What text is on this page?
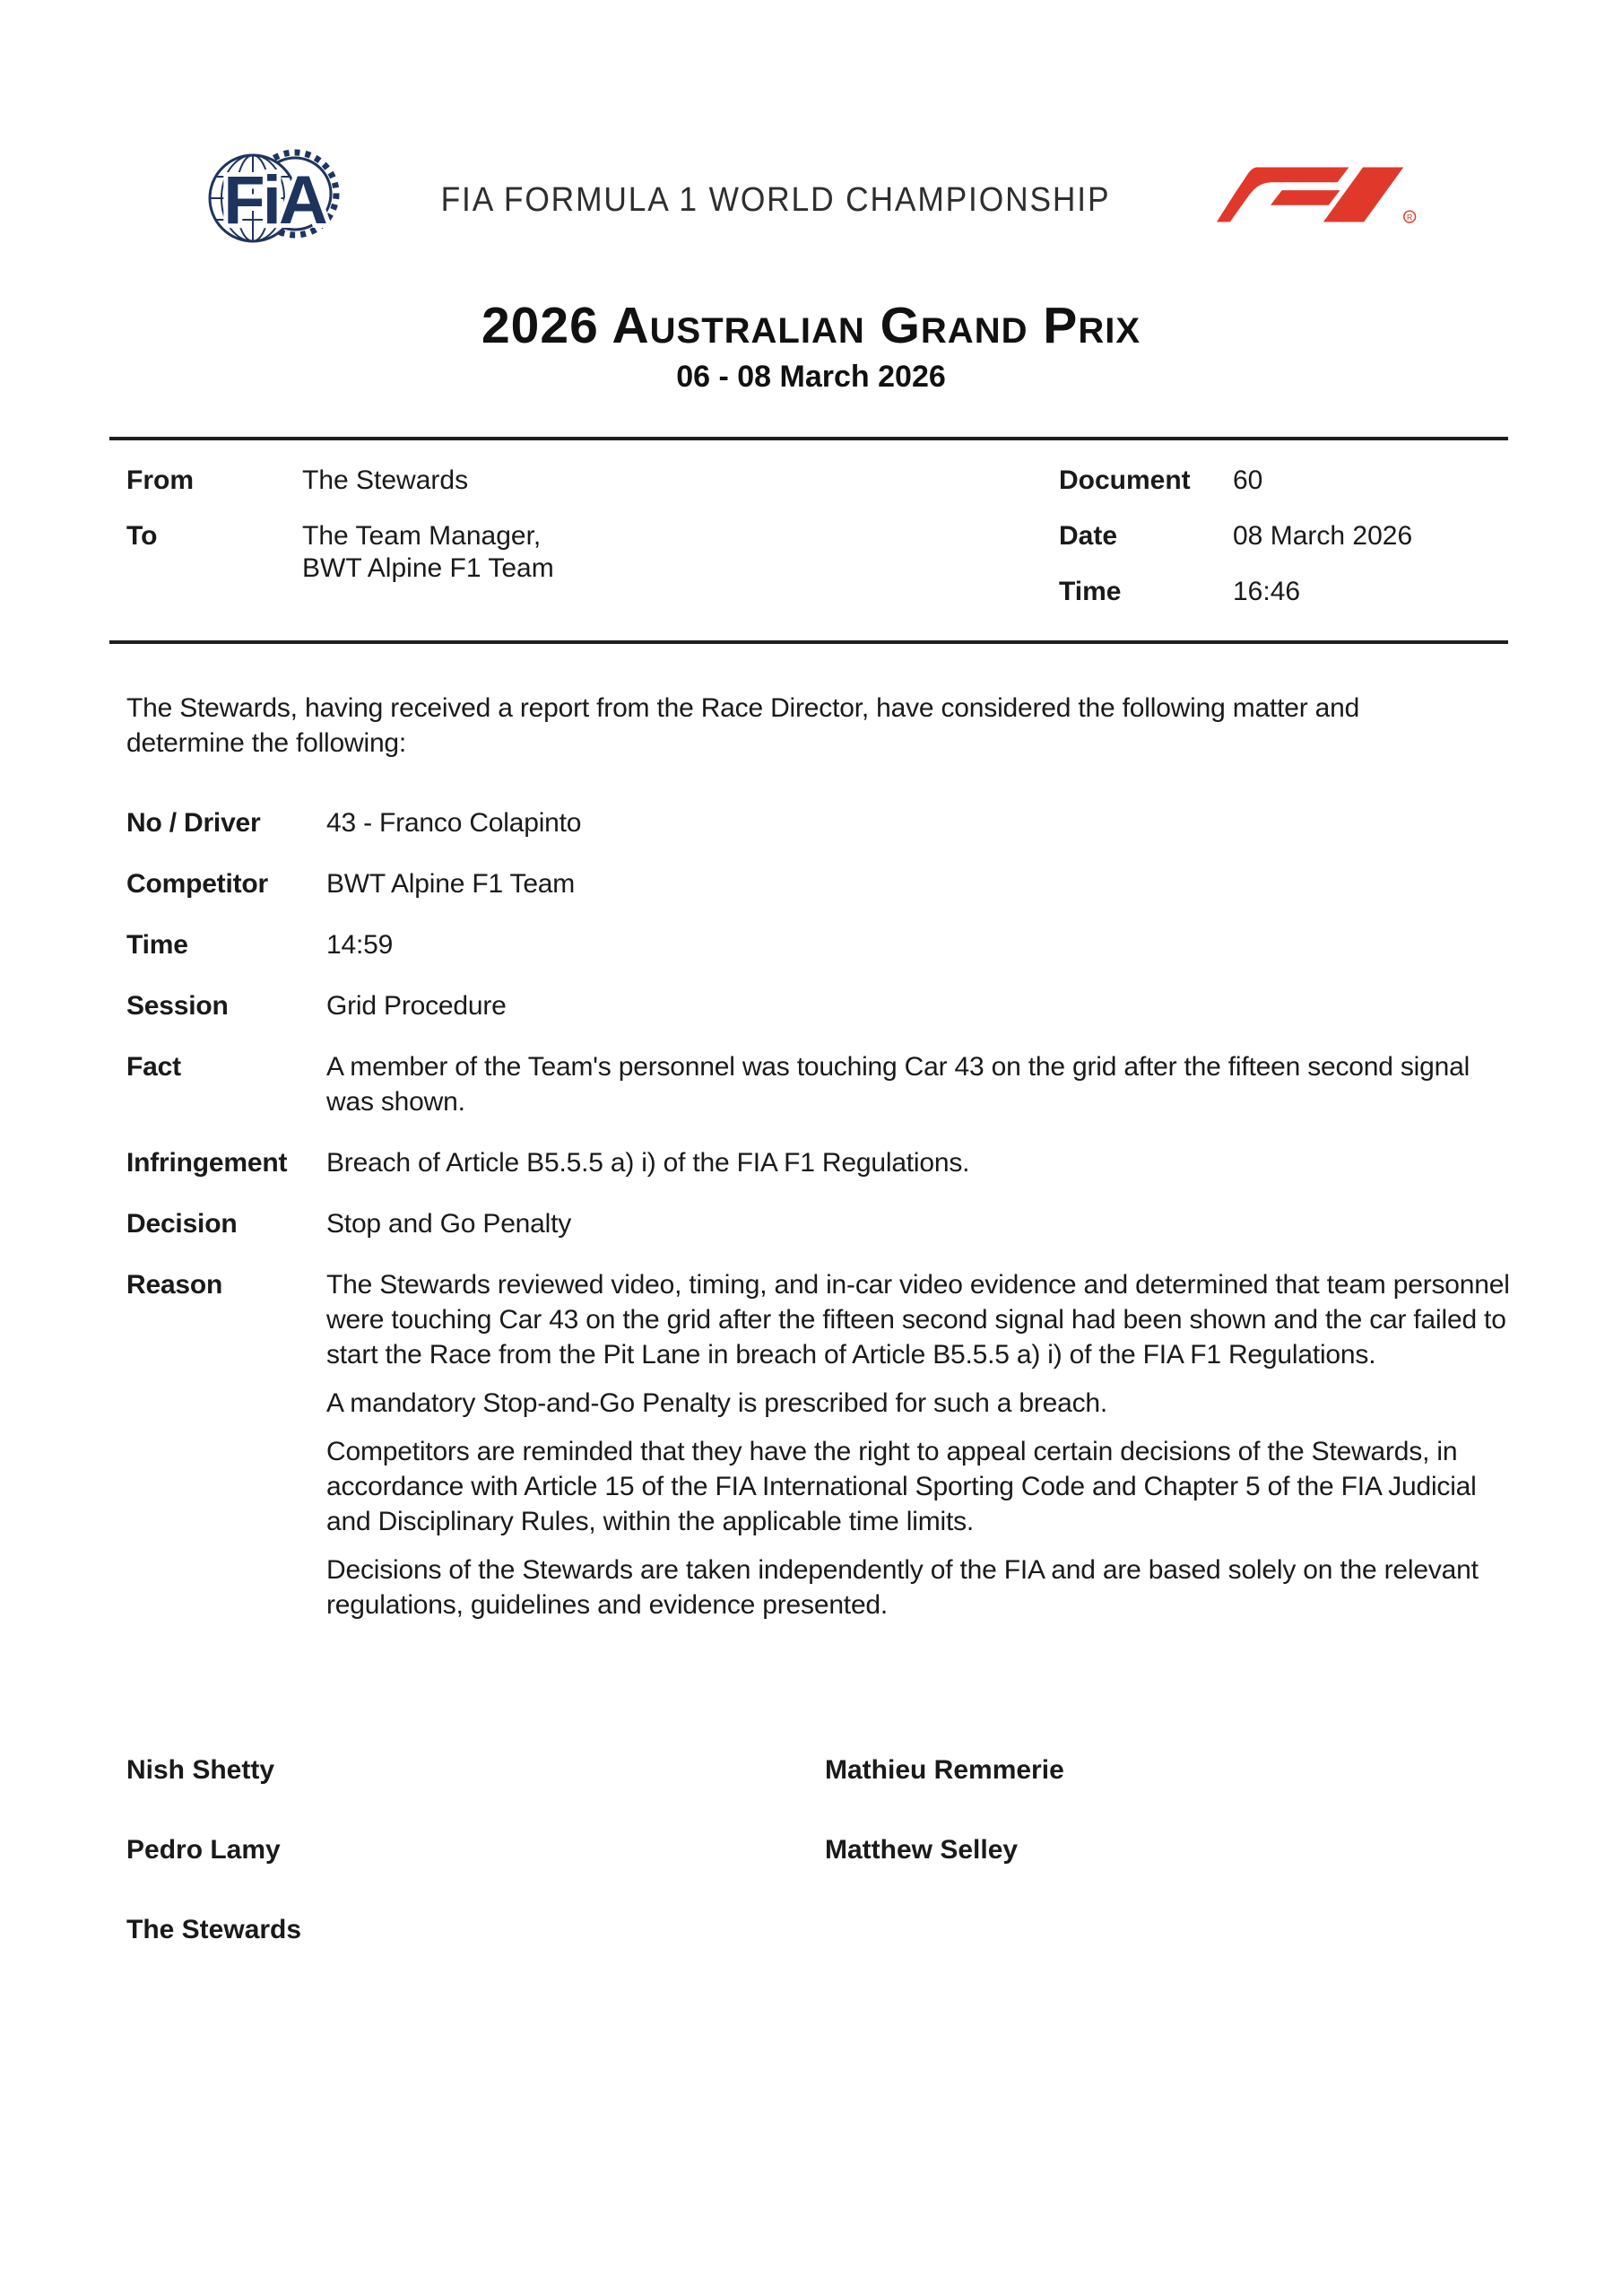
FiA	FIA FORMULA 1 WORLD CHAMPIONSHIP	R
2026 Australian Grand Prix
06 - 08 March 2026
From	The Stewards
To	The Team Manager,
BWT Alpine F1 Team
Document	60
Date	08 March 2026
Time	16:46

The Stewards, having received a report from the Race Director, have considered the following matter and determine the following:

No / Driver	43 - Franco Colapinto
Competitor	BWT Alpine F1 Team
Time	14:59
Session	Grid Procedure
Fact	A member of the Team's personnel was touching Car 43 on the grid after the fifteen second signal was shown.
Infringement	Breach of Article B5.5.5 a) i) of the FIA F1 Regulations.
Decision	Stop and Go Penalty
Reason	The Stewards reviewed video, timing, and in-car video evidence and determined that team personnel were touching Car 43 on the grid after the fifteen second signal had been shown and the car failed to start the Race from the Pit Lane in breach of Article B5.5.5 a) i) of the FIA F1 Regulations.

A mandatory Stop-and-Go Penalty is prescribed for such a breach.

Competitors are reminded that they have the right to appeal certain decisions of the Stewards, in accordance with Article 15 of the FIA International Sporting Code and Chapter 5 of the FIA Judicial and Disciplinary Rules, within the applicable time limits.

Decisions of the Stewards are taken independently of the FIA and are based solely on the relevant regulations, guidelines and evidence presented.

Nish Shetty	Mathieu Remmerie
Pedro Lamy	Matthew Selley
The Stewards
